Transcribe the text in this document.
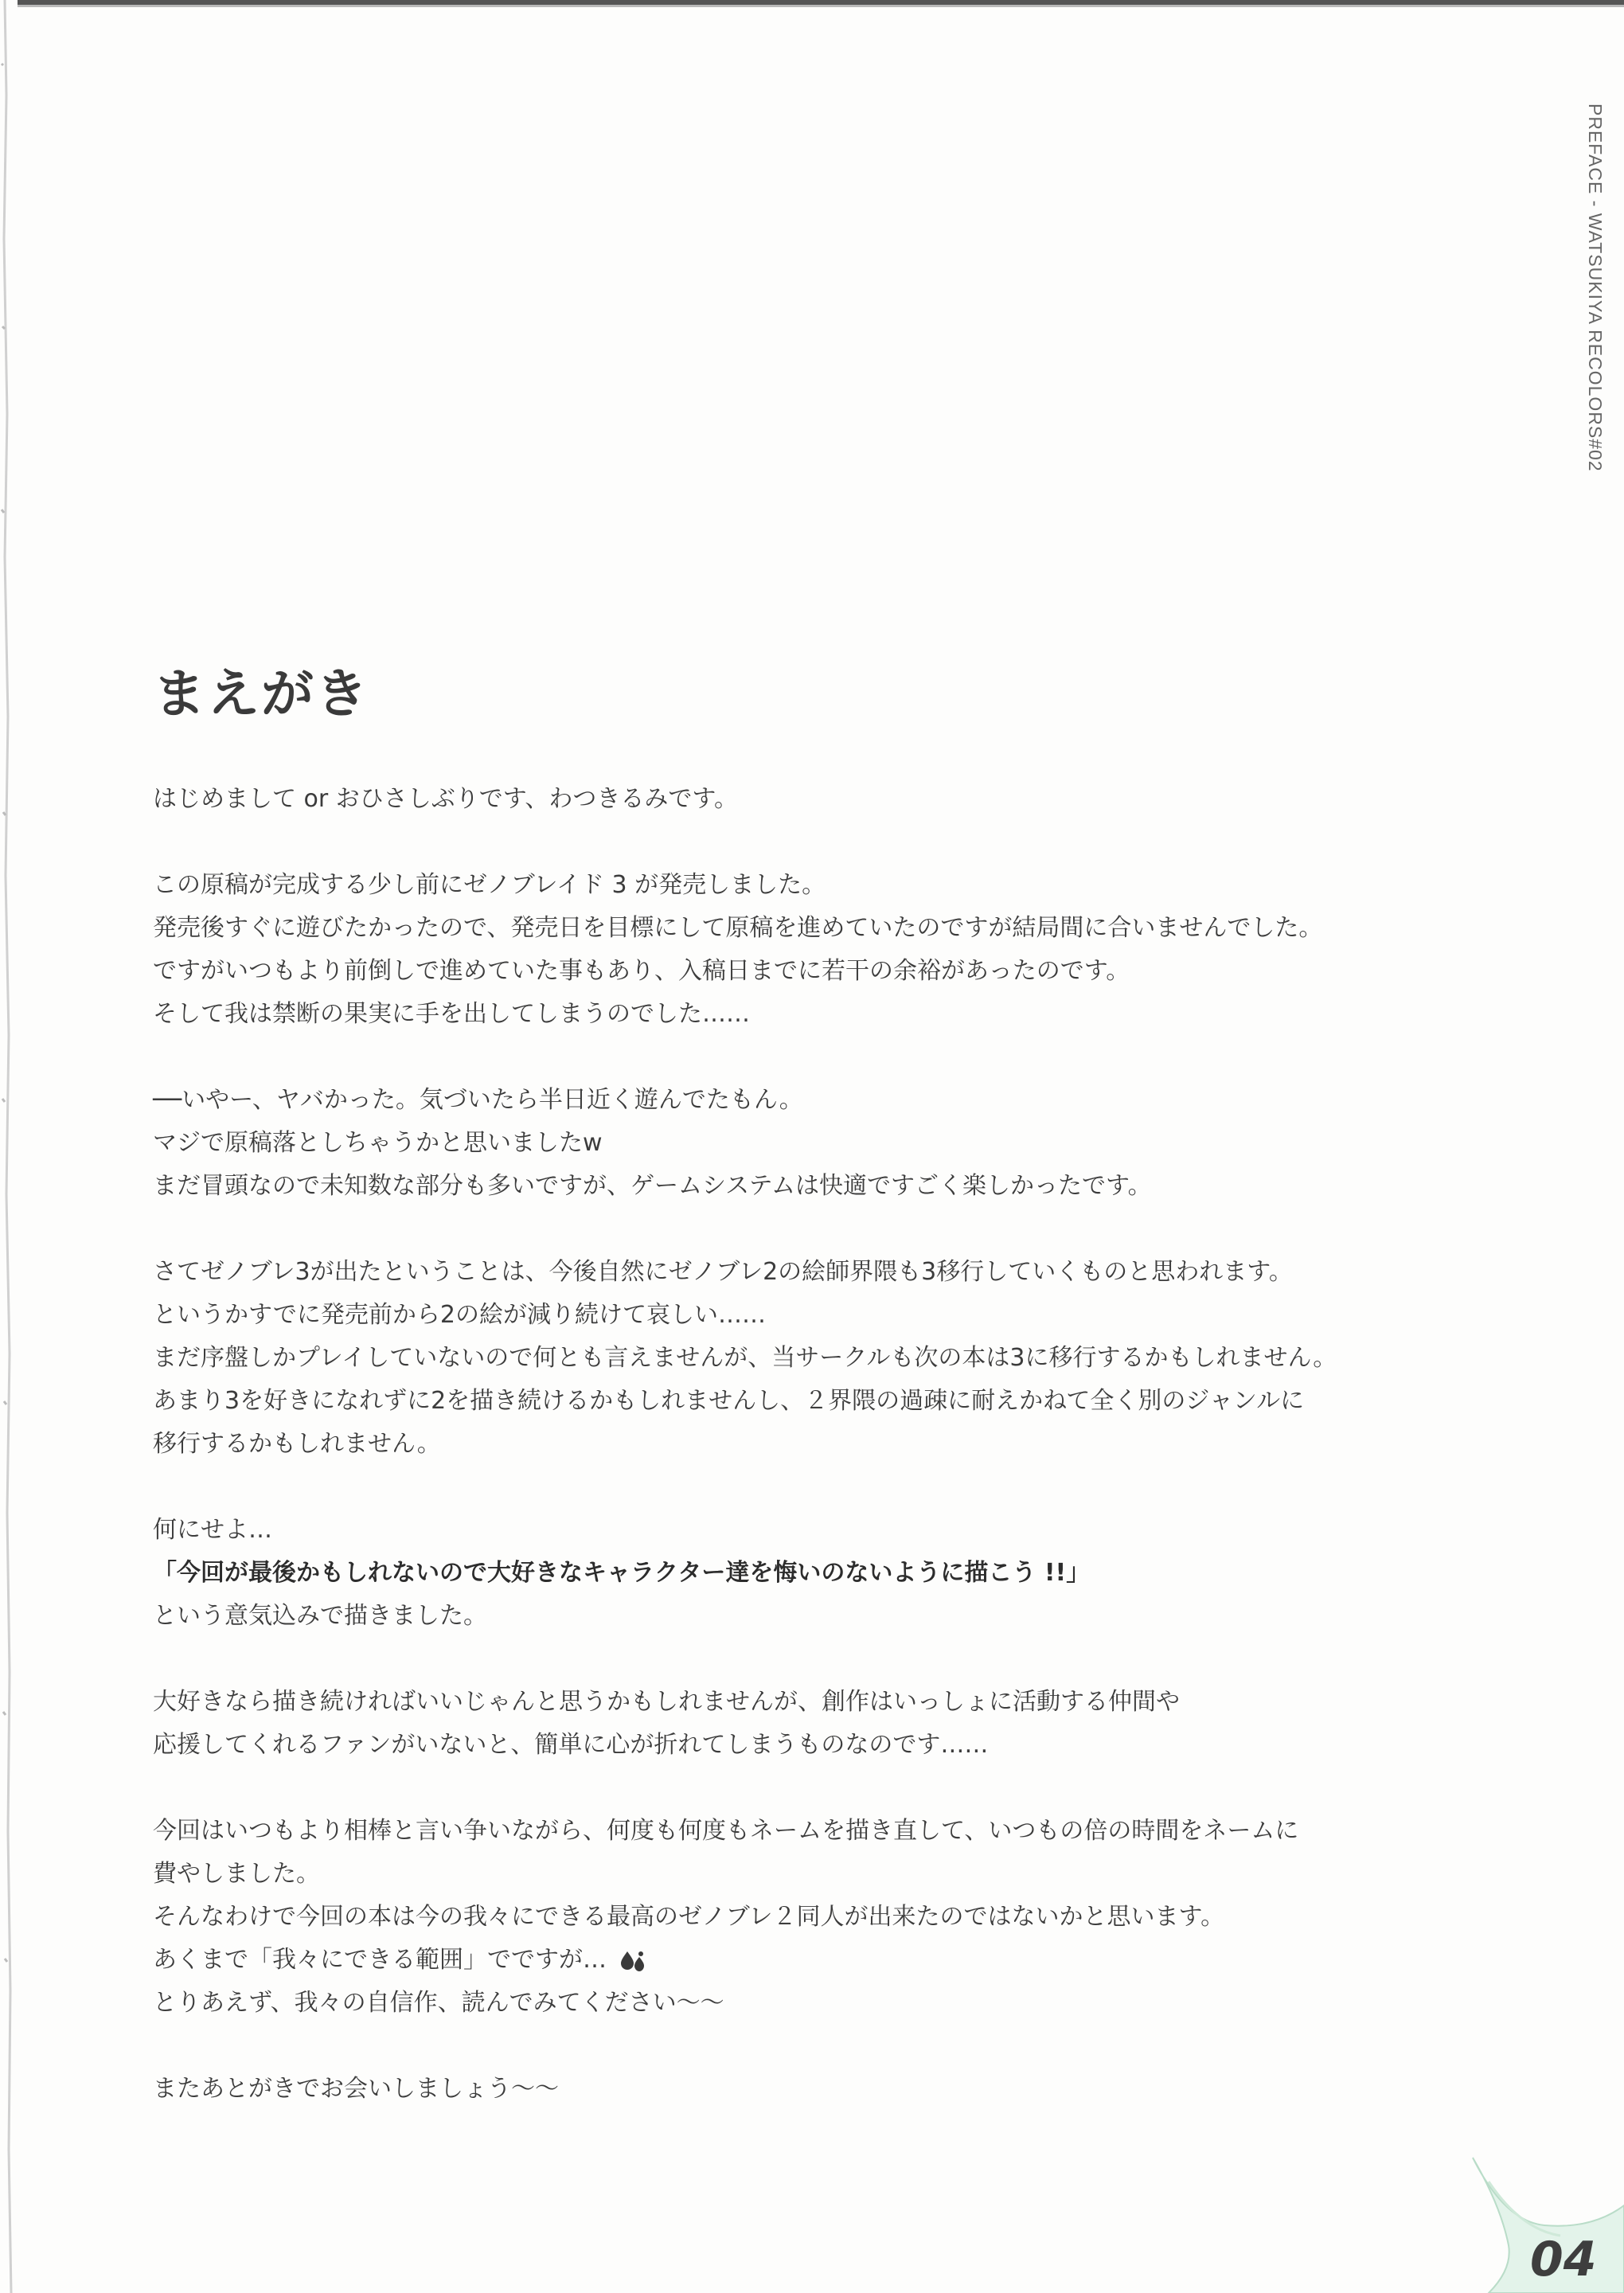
PREFACE - WATSUKIYA RECOLORS#02
まえがき
はじめまして or おひさしぶりです、わつきるみです。
この原稿が完成する少し前にゼノブレイド 3 が発売しました。
発売後すぐに遊びたかったので、発売日を目標にして原稿を進めていたのですが結局間に合いませんでした。
ですがいつもより前倒しで進めていた事もあり、入稿日までに若干の余裕があったのです。
そして我は禁断の果実に手を出してしまうのでした……
──いやー、ヤバかった。気づいたら半日近く遊んでたもん。
マジで原稿落としちゃうかと思いましたw
まだ冒頭なので未知数な部分も多いですが、ゲームシステムは快適ですごく楽しかったです。
さてゼノブレ3が出たということは、今後自然にゼノブレ2の絵師界隈も3移行していくものと思われます。
というかすでに発売前から2の絵が減り続けて哀しい……
まだ序盤しかプレイしていないので何とも言えませんが、当サークルも次の本は3に移行するかもしれません。
あまり3を好きになれずに2を描き続けるかもしれませんし、２界隈の過疎に耐えかねて全く別のジャンルに
移行するかもしれません。
何にせよ…
「今回が最後かもしれないので大好きなキャラクター達を悔いのないように描こう !!」
という意気込みで描きました。
大好きなら描き続ければいいじゃんと思うかもしれませんが、創作はいっしょに活動する仲間や
応援してくれるファンがいないと、簡単に心が折れてしまうものなのです……
今回はいつもより相棒と言い争いながら、何度も何度もネームを描き直して、いつもの倍の時間をネームに
費やしました。
そんなわけで今回の本は今の我々にできる最高のゼノブレ２同人が出来たのではないかと思います。
あくまで「我々にできる範囲」でですが…
とりあえず、我々の自信作、読んでみてください～～
またあとがきでお会いしましょう～～
04
